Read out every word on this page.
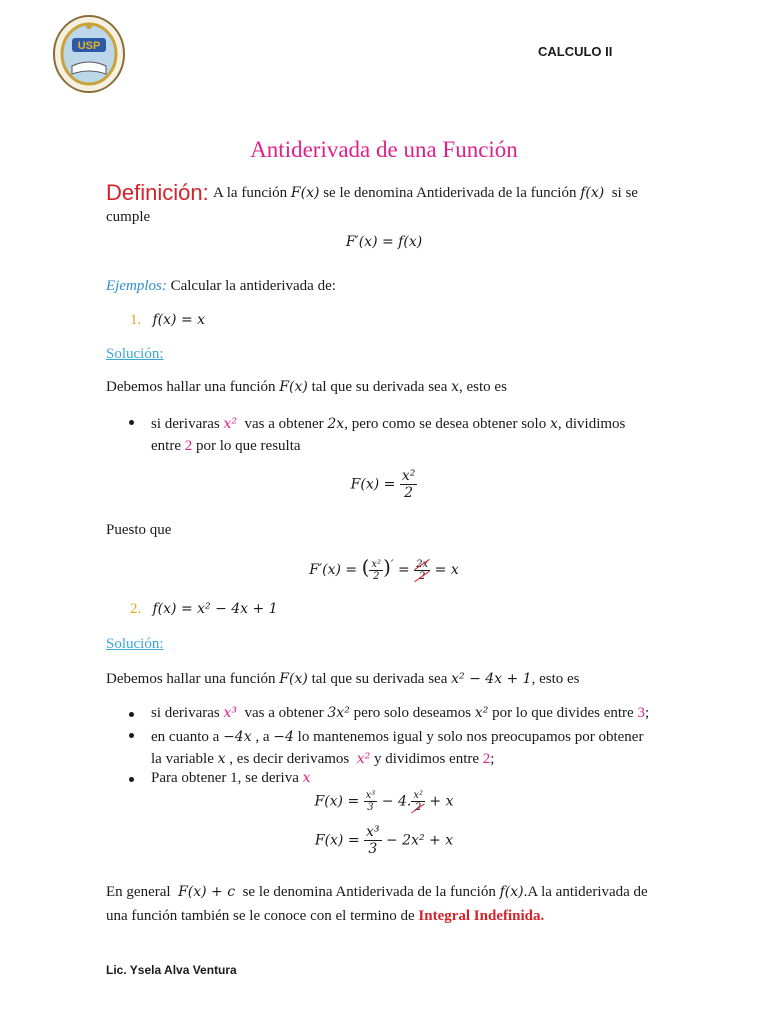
USP	CALCULO II
Antiderivada de una Función
Definición: A la función F(x) se le denomina Antiderivada de la función f(x) si se
cumple
F′(x) = f(x)
Ejemplos: Calcular la antiderivada de:
1. f(x) = x
Solución:
Debemos hallar una función F(x) tal que su derivada sea x, esto es
si derivaras x² vas a obtener 2x, pero como se desea obtener solo x, dividimos
entre 2 por lo que resulta
$F(x) = \frac{\text{x²}}{2}$
Puesto que
F′(x) = ( $\frac{\text{x²}}{2} )' = \frac{2x}{2} = x$
2. f(x) = x² − 4x + 1
Solución:
Debemos hallar una función F(x) tal que su derivada sea x² − 4x + 1, esto es
si derivaras x³ vas a obtener 3x² pero solo deseamos x² por lo que divides entre 3;
en cuanto a −4x , a −4 lo mantenemos igual y solo nos preocupamos por obtener
la variable x , es decir derivamos x² y dividimos entre 2;
Para obtener 1, se deriva x
$F(x) = \frac{\text{x³}}{3} - 4$. $\frac{\text{x²}}{2} + x$
$F(x) = \frac{\text{x³}}{3} - 2x^2 + x$
En general F(x) + c se le denomina Antiderivada de la función f(x).A la antiderivada de
una función también se le conoce con el termino de Integral Indefinida.
Lic. Ysela Alva Ventura
